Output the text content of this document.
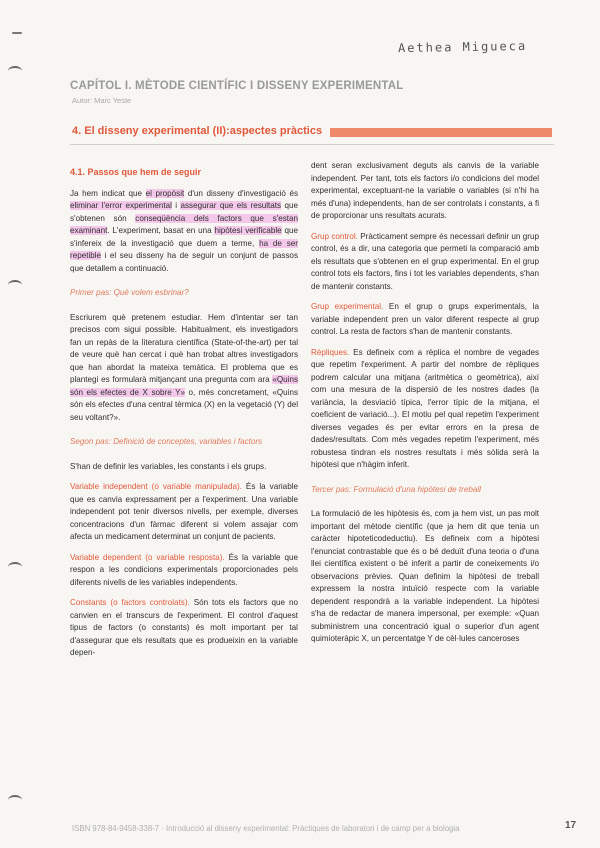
Aethea Migueca
CAPÍTOL I. MÈTODE CIENTÍFIC I DISSENY EXPERIMENTAL
Autor: Marc Yeste
4. El disseny experimental (II):aspectes pràctics

4.1. Passos que hem de seguir

Ja hem indicat que el propòsit d'un disseny d'investigació és eliminar l'error experimental i assegurar que els resultats que s'obtenen són conseqüència dels factors que s'estan examinant. L'experiment, basat en una hipòtesi verificable que s'infereix de la investigació que duem a terme, ha de ser repetible i el seu disseny ha de seguir un conjunt de passos que detallem a continuació.

Primer pas: Què volem esbrinar?

Escriurem què pretenem estudiar. Hem d'intentar ser tan precisos com sigui possible. Habitualment, els investigadors fan un repàs de la literatura científica (State-of-the-art) per tal de veure què han cercat i què han trobat altres investigadors que han abordat la mateixa temàtica. El problema que es plantegi es formularà mitjançant una pregunta com ara «Quins són els efectes de X sobre Y» o, més concretament, «Quins són els efectes d'una central tèrmica (X) en la vegetació (Y) del seu voltant?».

Segon pas: Definició de conceptes, variables i factors

S'han de definir les variables, les constants i els grups.

Variable independent (o variable manipulada). És la variable que es canvia expressament per a l'experiment. Una variable independent pot tenir diversos nivells, per exemple, diverses concentracions d'un fàrmac diferent si volem assajar com afecta un medicament determinat un conjunt de pacients.

Variable dependent (o variable resposta). És la variable que respon a les condicions experimentals proporcionades pels diferents nivells de les variables independents.

Constants (o factors controlats). Són tots els factors que no canvien en el transcurs de l'experiment. El control d'aquest tipus de factors (o constants) és molt important per tal d'assegurar que els resultats que es produeixin en la variable depen-

dent seran exclusivament deguts als canvis de la variable independent. Per tant, tots els factors i/o condicions del model experimental, exceptuant-ne la variable o variables (si n'hi ha més d'una) independents, han de ser controlats i constants, a fi de proporcionar uns resultats acurats.

Grup control. Pràcticament sempre és necessari definir un grup control, és a dir, una categoria que permeti la comparació amb els resultats que s'obtenen en el grup experimental. En el grup control tots els factors, fins i tot les variables dependents, s'han de mantenir constants.

Grup experimental. En el grup o grups experimentals, la variable independent pren un valor diferent respecte al grup control. La resta de factors s'han de mantenir constants.

Rèpliques. Es defineix com a rèplica el nombre de vegades que repetim l'experiment. A partir del nombre de rèpliques podrem calcular una mitjana (aritmètica o geomètrica), així com una mesura de la dispersió de les nostres dades (la variància, la desviació típica, l'error típic de la mitjana, el coeficient de variació...). El motiu pel qual repetim l'experiment diverses vegades és per evitar errors en la presa de dades/resultats. Com més vegades repetim l'experiment, més robustesa tindran els nostres resultats i més sòlida serà la hipòtesi que n'hàgim inferit.

Tercer pas: Formulació d'una hipòtesi de treball

La formulació de les hipòtesis és, com ja hem vist, un pas molt important del mètode científic (que ja hem dit que tenia un caràcter hipoteticodeductiu). Es defineix com a hipòtesi l'enunciat contrastable que és o bé deduït d'una teoria o d'una llei científica existent o bé inferit a partir de coneixements i/o observacions prèvies. Quan definim la hipòtesi de treball expressem la nostra intuïció respecte com la variable dependent respondrà a la variable independent. La hipòtesi s'ha de redactar de manera impersonal, per exemple: «Quan subministrem una concentració igual o superior d'un agent quimioteràpic X, un percentatge Y de cèl·lules canceroses

ISBN 978-84-9458-338-7 · Introducció al disseny experimental: Pràctiques de laboratori i de camp per a biologia	17
